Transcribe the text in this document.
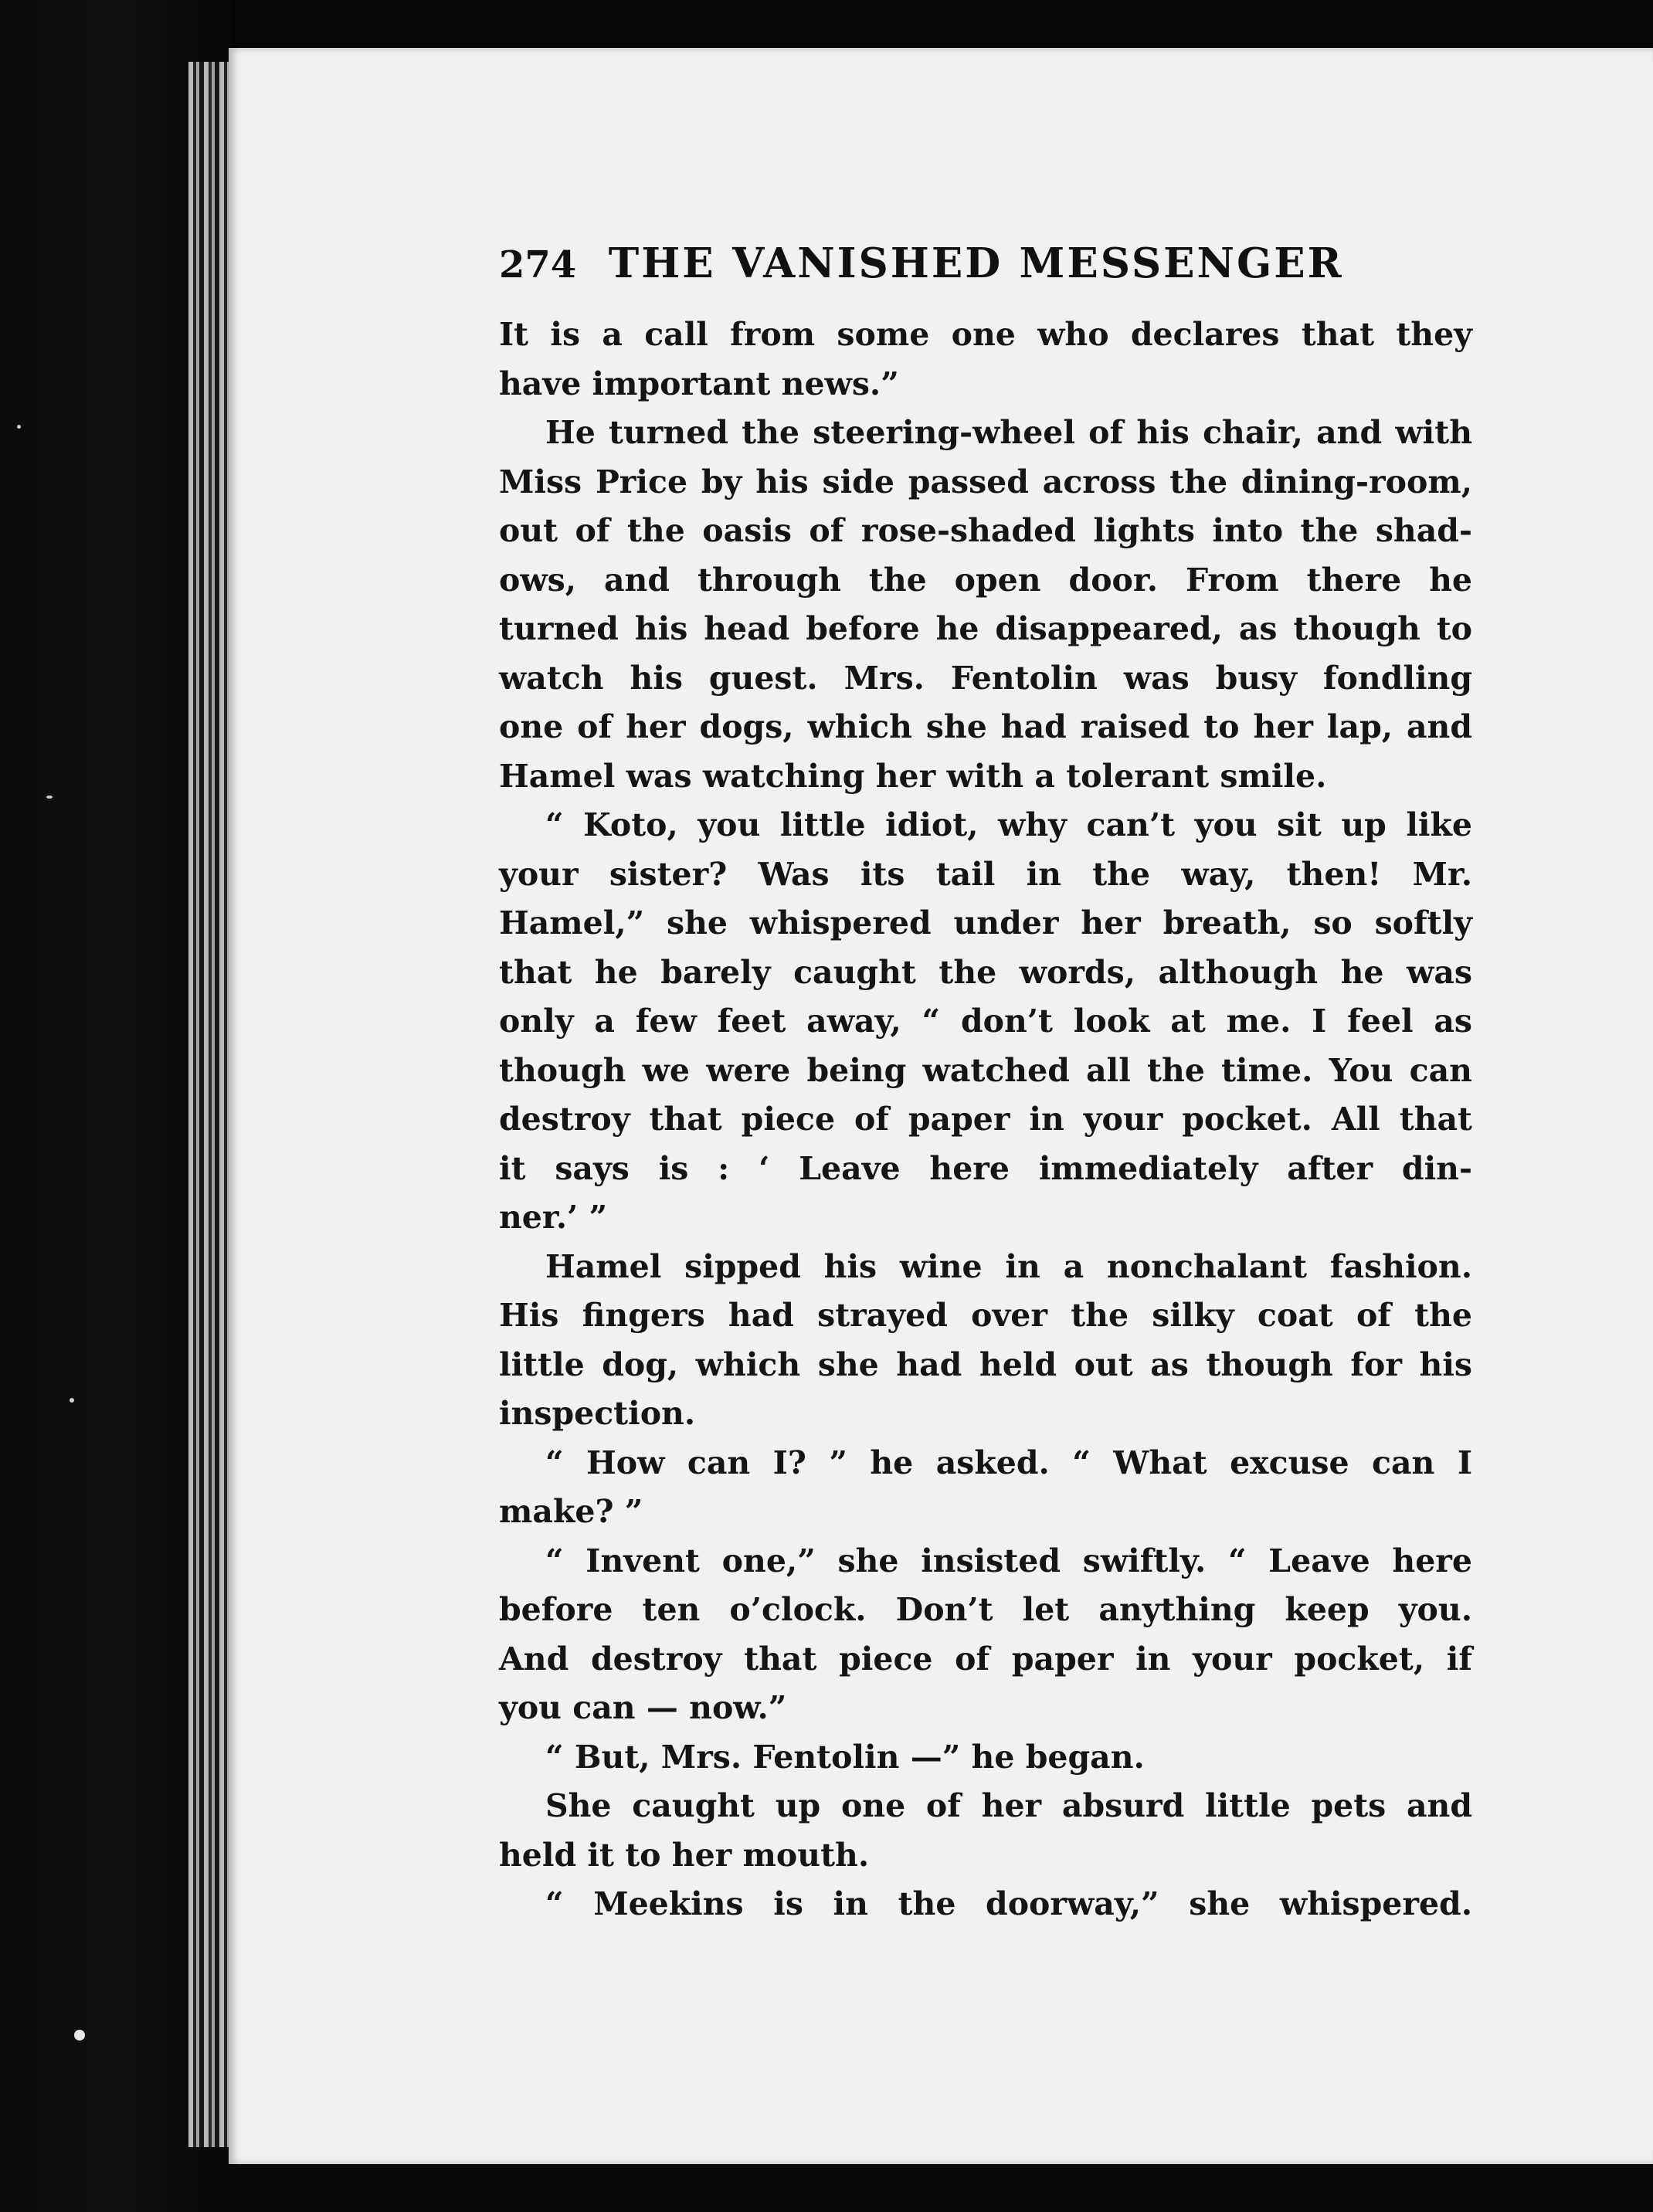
274 THE VANISHED MESSENGER
It is a call from some one who declares that they
have important news.”
He turned the steering-wheel of his chair, and with
Miss Price by his side passed across the dining-room,
out of the oasis of rose-shaded lights into the shad-
ows, and through the open door. From there he
turned his head before he disappeared, as though to
watch his guest. Mrs. Fentolin was busy fondling
one of her dogs, which she had raised to her lap, and
Hamel was watching her with a tolerant smile.
“ Koto, you little idiot, why can’t you sit up like
your sister? Was its tail in the way, then! Mr.
Hamel,” she whispered under her breath, so softly
that he barely caught the words, although he was
only a few feet away, “ don’t look at me. I feel as
though we were being watched all the time. You can
destroy that piece of paper in your pocket. All that
it says is : ‘ Leave here immediately after din-
ner.’ ”
Hamel sipped his wine in a nonchalant fashion.
His fingers had strayed over the silky coat of the
little dog, which she had held out as though for his
inspection.
“ How can I? ” he asked. “ What excuse can I
make? ”
“ Invent one,” she insisted swiftly. “ Leave here
before ten o’clock. Don’t let anything keep you.
And destroy that piece of paper in your pocket, if
you can — now.”
“ But, Mrs. Fentolin —” he began.
She caught up one of her absurd little pets and
held it to her mouth.
“ Meekins is in the doorway,” she whispered.
